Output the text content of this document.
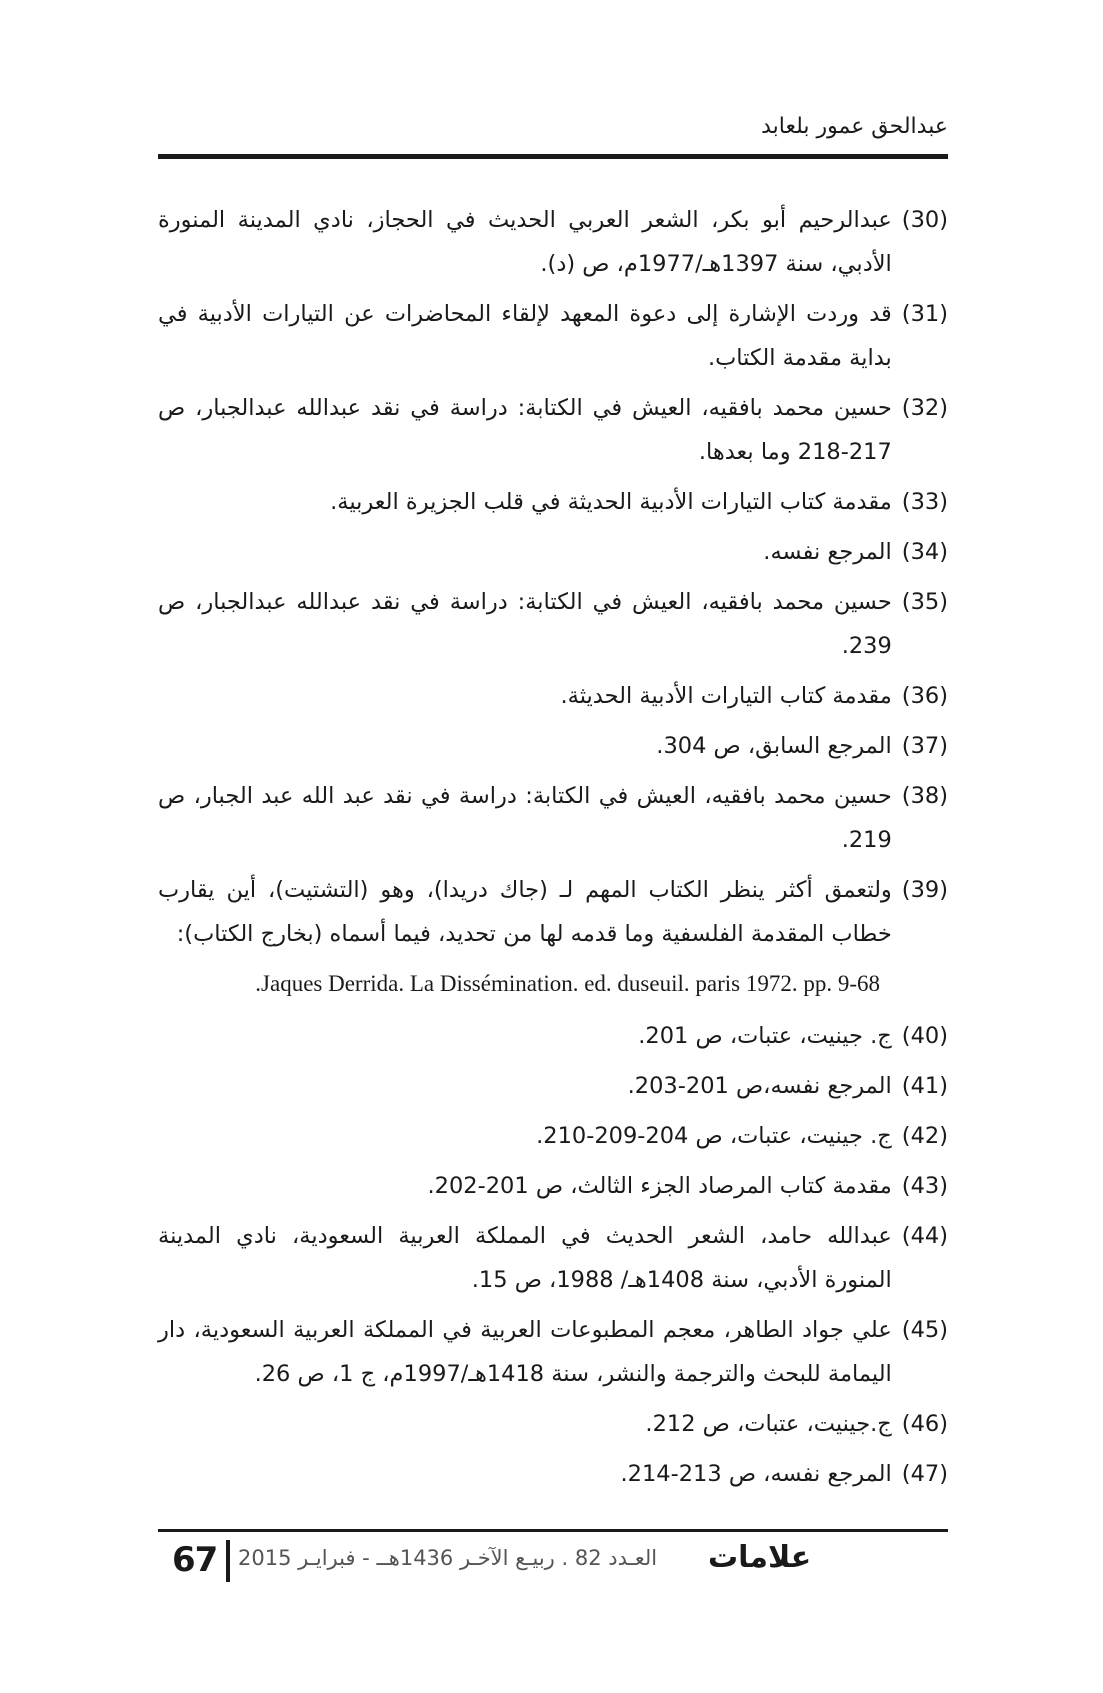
عبدالحق عمور بلعابد
(30)
عبدالرحيم أبو بكر، الشعر العربي الحديث في الحجاز، نادي المدينة المنورة الأدبي، سنة 1397هـ/1977م، ص (د).
(31)
قد وردت الإشارة إلى دعوة المعهد لإلقاء المحاضرات عن التيارات الأدبية في بداية مقدمة الكتاب.
(32)
حسين محمد بافقيه، العيش في الكتابة: دراسة في نقد عبدالله عبدالجبار، ص 217-218 وما بعدها.
(33)
مقدمة كتاب التيارات الأدبية الحديثة في قلب الجزيرة العربية.
(34)
المرجع نفسه.
(35)
حسين محمد بافقيه، العيش في الكتابة: دراسة في نقد عبدالله عبدالجبار، ص 239.
(36)
مقدمة كتاب التيارات الأدبية الحديثة.
(37)
المرجع السابق، ص 304.
(38)
حسين محمد بافقيه، العيش في الكتابة: دراسة في نقد عبد الله عبد الجبار، ص 219.
(39)
ولتعمق أكثر ينظر الكتاب المهم لـ (جاك دريدا)، وهو (التشتيت)، أين يقارب خطاب المقدمة الفلسفية وما قدمه لها من تحديد، فيما أسماه (بخارج الكتاب):
.Jaques Derrida. La Dissémination. ed. duseuil. paris 1972. pp. 9-68
(40)
ج. جينيت، عتبات، ص 201.
(41)
المرجع نفسه،ص 201-203.
(42)
ج. جينيت، عتبات، ص 204-209-210.
(43)
مقدمة كتاب المرصاد الجزء الثالث، ص 201-202.
(44)
عبدالله حامد، الشعر الحديث في المملكة العربية السعودية، نادي المدينة المنورة الأدبي، سنة 1408هـ/ 1988، ص 15.
(45)
علي جواد الطاهر، معجم المطبوعات العربية في المملكة العربية السعودية، دار اليمامة للبحث والترجمة والنشر، سنة 1418هـ/1997م، ج 1، ص 26.
(46)
ج.جينيت، عتبات، ص 212.
(47)
المرجع نفسه، ص 213-214.
67 العـدد 82 . ربيـع الآخـر 1436هــ - فبرايـر 2015 علامات
